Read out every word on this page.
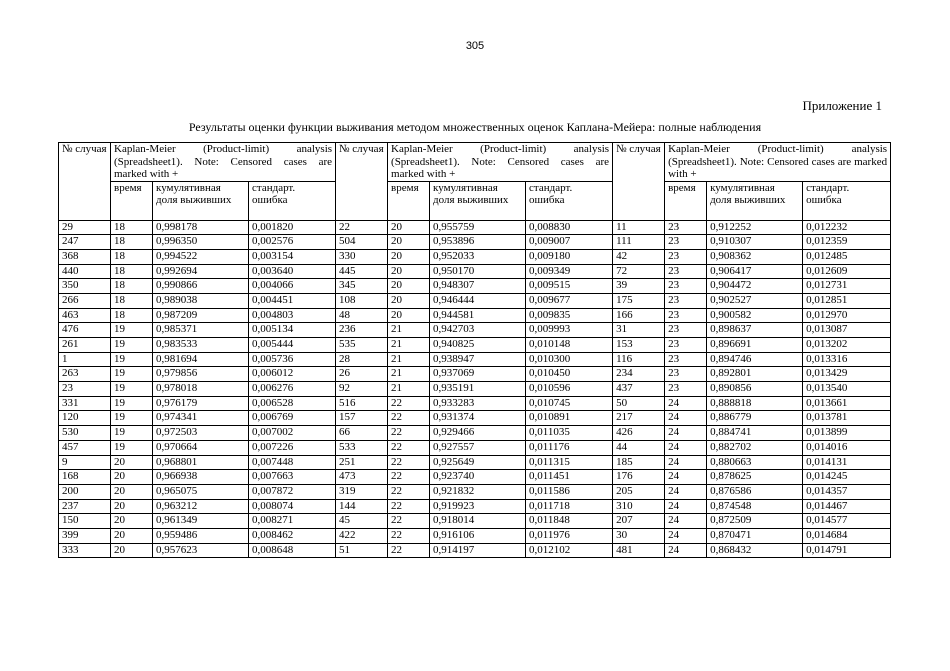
305
Приложение 1
Результаты оценки функции выживания методом множественных оценок Каплана-Мейера: полные наблюдения
№ случая	Kaplan-Meier (Product-limit) analysis (Spreadsheet1). Note: Censored cases are marked with +			№ случая	Kaplan-Meier (Product-limit) analysis (Spreadsheet1). Note: Censored cases are marked with +			№ случая	Kaplan-Meier (Product-limit) analysis (Spreadsheet1). Note: Censored cases are marked with +		
	время	кумулятивная доля выживших	стандарт. ошибка		время	кумулятивная доля выживших	стандарт. ошибка		время	кумулятивная доля выживших	стандарт. ошибка
29	18	0,998178	0,001820	22	20	0,955759	0,008830	11	23	0,912252	0,012232
247	18	0,996350	0,002576	504	20	0,953896	0,009007	111	23	0,910307	0,012359
368	18	0,994522	0,003154	330	20	0,952033	0,009180	42	23	0,908362	0,012485
440	18	0,992694	0,003640	445	20	0,950170	0,009349	72	23	0,906417	0,012609
350	18	0,990866	0,004066	345	20	0,948307	0,009515	39	23	0,904472	0,012731
266	18	0,989038	0,004451	108	20	0,946444	0,009677	175	23	0,902527	0,012851
463	18	0,987209	0,004803	48	20	0,944581	0,009835	166	23	0,900582	0,012970
476	19	0,985371	0,005134	236	21	0,942703	0,009993	31	23	0,898637	0,013087
261	19	0,983533	0,005444	535	21	0,940825	0,010148	153	23	0,896691	0,013202
1	19	0,981694	0,005736	28	21	0,938947	0,010300	116	23	0,894746	0,013316
263	19	0,979856	0,006012	26	21	0,937069	0,010450	234	23	0,892801	0,013429
23	19	0,978018	0,006276	92	21	0,935191	0,010596	437	23	0,890856	0,013540
331	19	0,976179	0,006528	516	22	0,933283	0,010745	50	24	0,888818	0,013661
120	19	0,974341	0,006769	157	22	0,931374	0,010891	217	24	0,886779	0,013781
530	19	0,972503	0,007002	66	22	0,929466	0,011035	426	24	0,884741	0,013899
457	19	0,970664	0,007226	533	22	0,927557	0,011176	44	24	0,882702	0,014016
9	20	0,968801	0,007448	251	22	0,925649	0,011315	185	24	0,880663	0,014131
168	20	0,966938	0,007663	473	22	0,923740	0,011451	176	24	0,878625	0,014245
200	20	0,965075	0,007872	319	22	0,921832	0,011586	205	24	0,876586	0,014357
237	20	0,963212	0,008074	144	22	0,919923	0,011718	310	24	0,874548	0,014467
150	20	0,961349	0,008271	45	22	0,918014	0,011848	207	24	0,872509	0,014577
399	20	0,959486	0,008462	422	22	0,916106	0,011976	30	24	0,870471	0,014684
333	20	0,957623	0,008648	51	22	0,914197	0,012102	481	24	0,868432	0,014791
